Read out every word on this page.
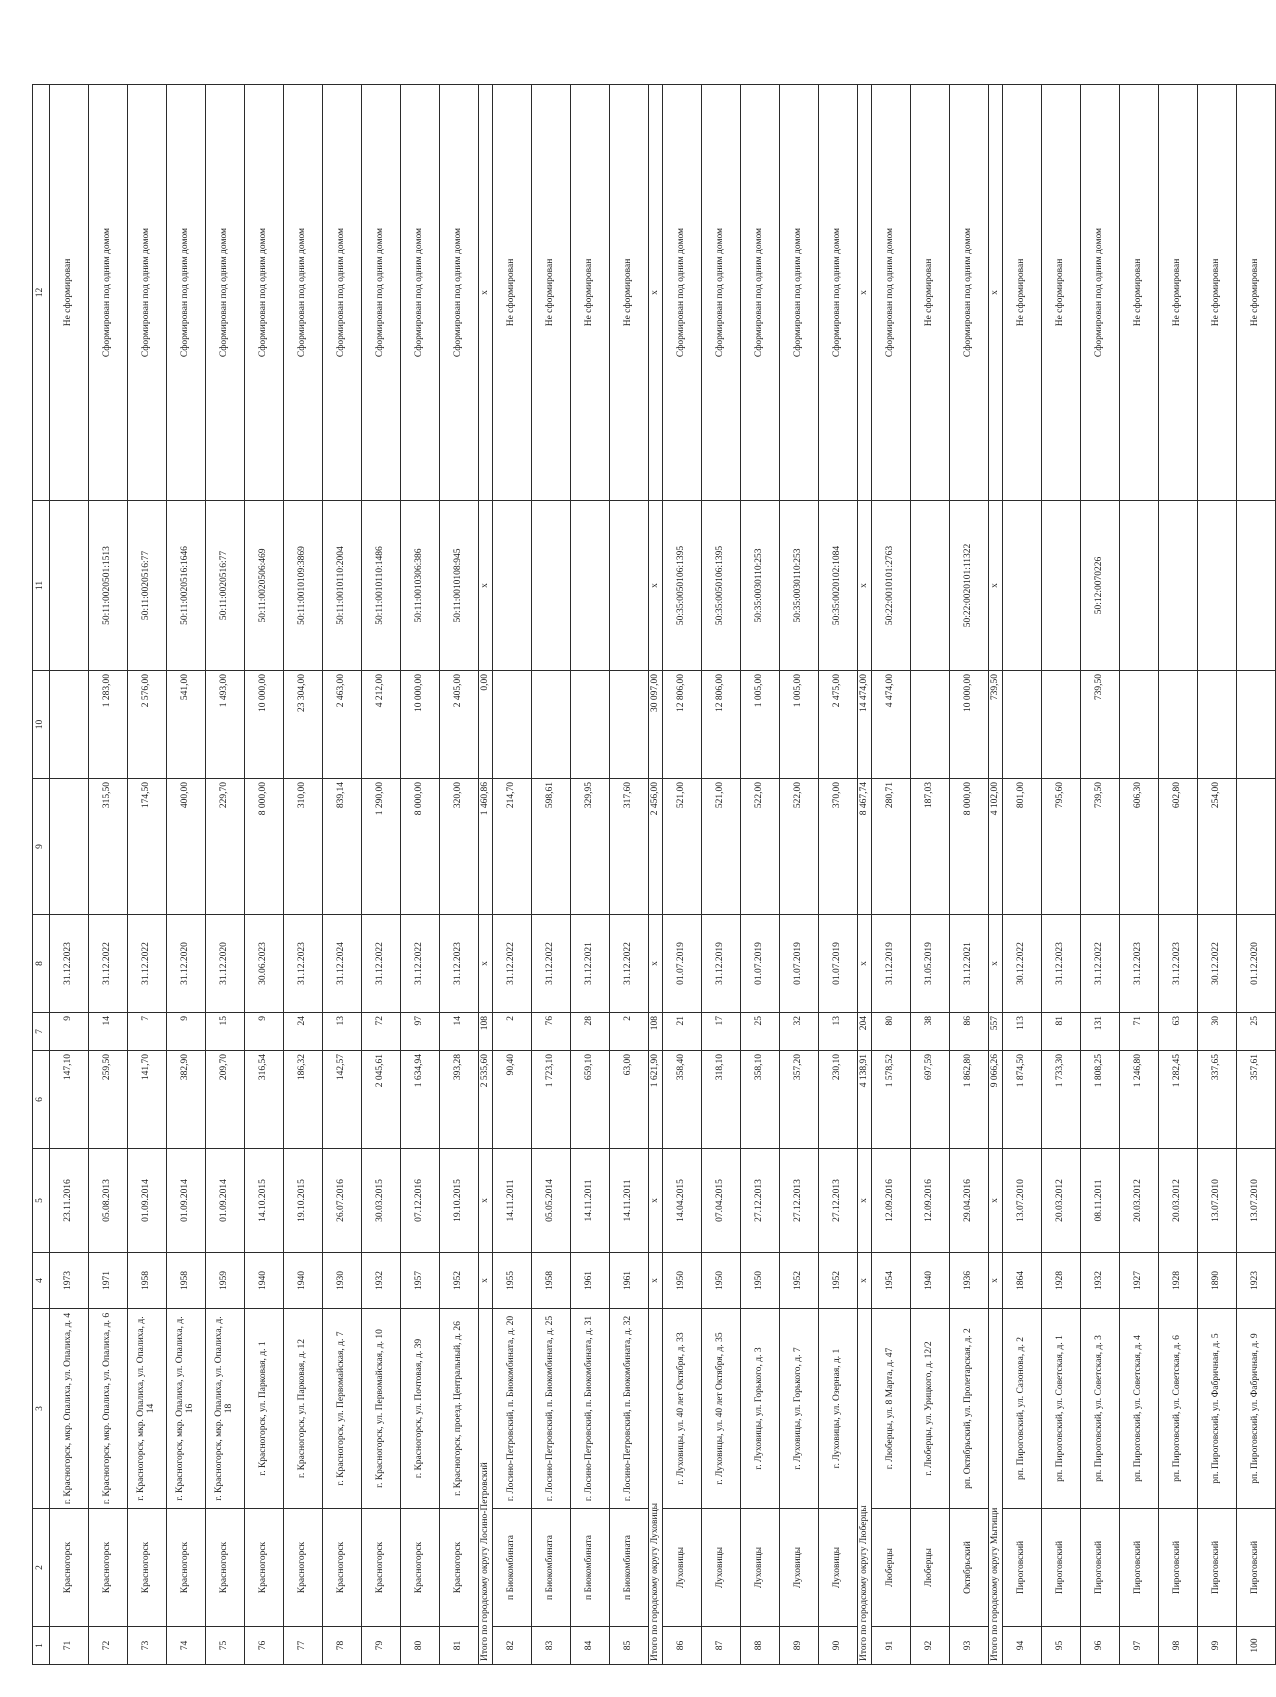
1	2	3	4	5	6	7	8	9	10	11	12
71	Красногорск	г. Красногорск, мкр. Опалиха, ул. Опалиха, д. 4	1973	23.11.2016	147,10	9	31.12.2023				Не сформирован
72	Красногорск	г. Красногорск, мкр. Опалиха, ул. Опалиха, д. 6	1971	05.08.2013	259,50	14	31.12.2022	315,50	1 283,00	50:11:0020501:1513	Сформирован под одним домом
73	Красногорск	г. Красногорск, мкр. Опалиха, ул. Опалиха, д. 14	1958	01.09.2014	141,70	7	31.12.2022	174,50	2 576,00	50:11:0020516:77	Сформирован под одним домом
74	Красногорск	г. Красногорск, мкр. Опалиха, ул. Опалиха, д. 16	1958	01.09.2014	382,90	9	31.12.2020	400,00	541,00	50:11:0020516:1646	Сформирован под одним домом
75	Красногорск	г. Красногорск, мкр. Опалиха, ул. Опалиха, д. 18	1959	01.09.2014	209,70	15	31.12.2020	229,70	1 493,00	50:11:0020516:77	Сформирован под одним домом
76	Красногорск	г. Красногорск, ул. Парковая, д. 1	1940	14.10.2015	316,54	9	30.06.2023	8 000,00	10 000,00	50:11:0020506:469	Сформирован под одним домом
77	Красногорск	г. Красногорск, ул. Парковая, д. 12	1940	19.10.2015	186,32	24	31.12.2023	310,00	23 304,00	50:11:0010109:3869	Сформирован под одним домом
78	Красногорск	г. Красногорск, ул. Первомайская, д. 7	1930	26.07.2016	142,57	13	31.12.2024	839,14	2 463,00	50:11:0010110:2004	Сформирован под одним домом
79	Красногорск	г. Красногорск, ул. Первомайская, д. 10	1932	30.03.2015	2 045,61	72	31.12.2022	1 290,00	4 212,00	50:11:0010110:1486	Сформирован под одним домом
80	Красногорск	г. Красногорск, ул. Почтовая, д. 39	1957	07.12.2016	1 634,94	97	31.12.2022	8 000,00	10 000,00	50:11:0010306:386	Сформирован под одним домом
81	Красногорск	г. Красногорск, проезд. Центральный, д. 26	1952	19.10.2015	393,28	14	31.12.2023	320,00	2 405,00	50:11:0010108:945	Сформирован под одним домом
Итого по городскому округу Лосино-Петровский			x	x	2 535,60	108	x	1 460,86	0,00	x	x
82	п Биокомбината	г. Лосино-Петровский, п. Биокомбината, д. 20	1955	14.11.2011	90,40	2	31.12.2022	214,70			Не сформирован
83	п Биокомбината	г. Лосино-Петровский, п. Биокомбината, д. 25	1958	05.05.2014	1 723,10	76	31.12.2022	598,61			Не сформирован
84	п Биокомбината	г. Лосино-Петровский, п. Биокомбината, д. 31	1961	14.11.2011	659,10	28	31.12.2021	329,95			Не сформирован
85	п Биокомбината	г. Лосино-Петровский, п. Биокомбината, д. 32	1961	14.11.2011	63,00	2	31.12.2022	317,60			Не сформирован
Итого по городскому округу Луховицы			x	x	1 621,90	108	x	2 456,00	30 097,00	x	x
86	Луховицы	г. Луховицы, ул. 40 лет Октября, д. 33	1950	14.04.2015	358,40	21	01.07.2019	521,00	12 806,00	50:35:0050106:1395	Сформирован под одним домом
87	Луховицы	г. Луховицы, ул. 40 лет Октября, д. 35	1950	07.04.2015	318,10	17	31.12.2019	521,00	12 806,00	50:35:0050106:1395	Сформирован под одним домом
88	Луховицы	г. Луховицы, ул. Горького, д. 3	1950	27.12.2013	358,10	25	01.07.2019	522,00	1 005,00	50:35:0030110:253	Сформирован под одним домом
89	Луховицы	г. Луховицы, ул. Горького, д. 7	1952	27.12.2013	357,20	32	01.07.2019	522,00	1 005,00	50:35:0030110:253	Сформирован под одним домом
90	Луховицы	г. Луховицы, ул. Озерная, д. 1	1952	27.12.2013	230,10	13	01.07.2019	370,00	2 475,00	50:35:0020102:1084	Сформирован под одним домом
Итого по городскому округу Люберцы			x	x	4 138,91	204	x	8 467,74	14 474,00	x	x
91	Люберцы	г. Люберцы, ул. 8 Марта, д. 47	1954	12.09.2016	1 578,52	80	31.12.2019	280,71	4 474,00	50:22:0010101:2763	Сформирован под одним домом
92	Люберцы	г. Люберцы, ул. Урицкого, д. 12/2	1940	12.09.2016	697,59	38	31.05.2019	187,03			Не сформирован
93	Октябрьский	рп. Октябрьский, ул. Пролетарская, д. 2	1936	29.04.2016	1 862,80	86	31.12.2021	8 000,00	10 000,00	50:22:0020101:11322	Сформирован под одним домом
Итого по городскому округу Мытищи			x	x	9 066,26	557	x	4 102,00	739,50	x	x
94	Пироговский	рп. Пироговский, ул. Сазонова, д. 2	1864	13.07.2010	1 874,50	113	30.12.2022	801,00			Не сформирован
95	Пироговский	рп. Пироговский, ул. Советская, д. 1	1928	20.03.2012	1 733,30	81	31.12.2023	795,60			Не сформирован
96	Пироговский	рп. Пироговский, ул. Советская, д. 3	1932	08.11.2011	1 808,25	131	31.12.2022	739,50	739,50	50:12:0070226	Сформирован под одним домом
97	Пироговский	рп. Пироговский, ул. Советская, д. 4	1927	20.03.2012	1 246,80	71	31.12.2023	606,30			Не сформирован
98	Пироговский	рп. Пироговский, ул. Советская, д. 6	1928	20.03.2012	1 282,45	63	31.12.2023	602,80			Не сформирован
99	Пироговский	рп. Пироговский, ул. Фабричная, д. 5	1890	13.07.2010	337,65	30	30.12.2022	254,00			Не сформирован
100	Пироговский	рп. Пироговский, ул. Фабричная, д. 9	1923	13.07.2010	357,61	25	01.12.2020				Не сформирован
